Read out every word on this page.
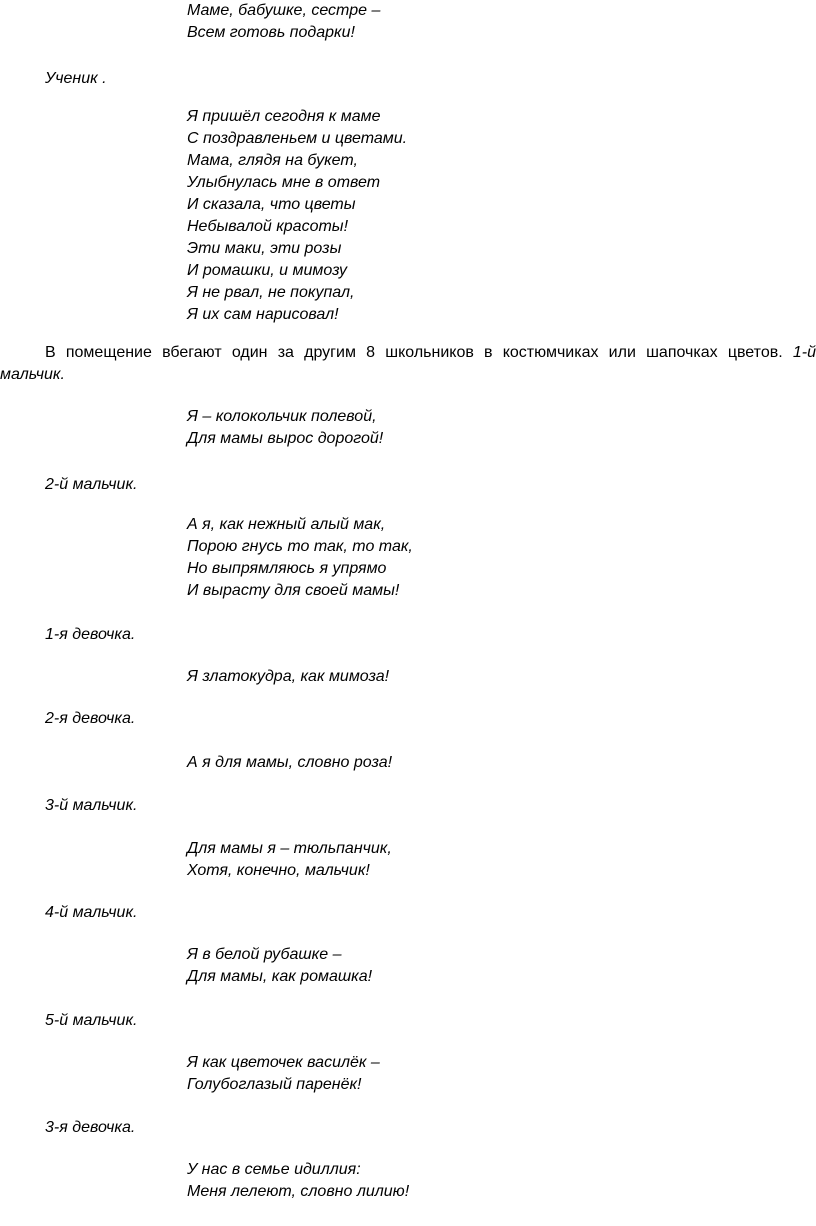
Маме, бабушке, сестре –
Всем готовь подарки!
Ученик .
Я пришёл сегодня к маме
С поздравленьем и цветами.
Мама, глядя на букет,
Улыбнулась мне в ответ
И сказала, что цветы
Небывалой красоты!
Эти маки, эти розы
И ромашки, и мимозу
Я не рвал, не покупал,
Я их сам нарисовал!
В помещение вбегают один за другим 8 школьников в костюмчиках или шапочках цветов. 1-й
мальчик.
Я – колокольчик полевой,
Для мамы вырос дорогой!
2-й мальчик.
А я, как нежный алый мак,
Порою гнусь то так, то так,
Но выпрямляюсь я упрямо
И вырасту для своей мамы!
1-я девочка.
Я златокудра, как мимоза!
2-я девочка.
А я для мамы, словно роза!
3-й мальчик.
Для мамы я – тюльпанчик,
Хотя, конечно, мальчик!
4-й мальчик.
Я в белой рубашке –
Для мамы, как ромашка!
5-й мальчик.
Я как цветочек василёк –
Голубоглазый паренёк!
3-я девочка.
У нас в семье идиллия:
Меня лелеют, словно лилию!
